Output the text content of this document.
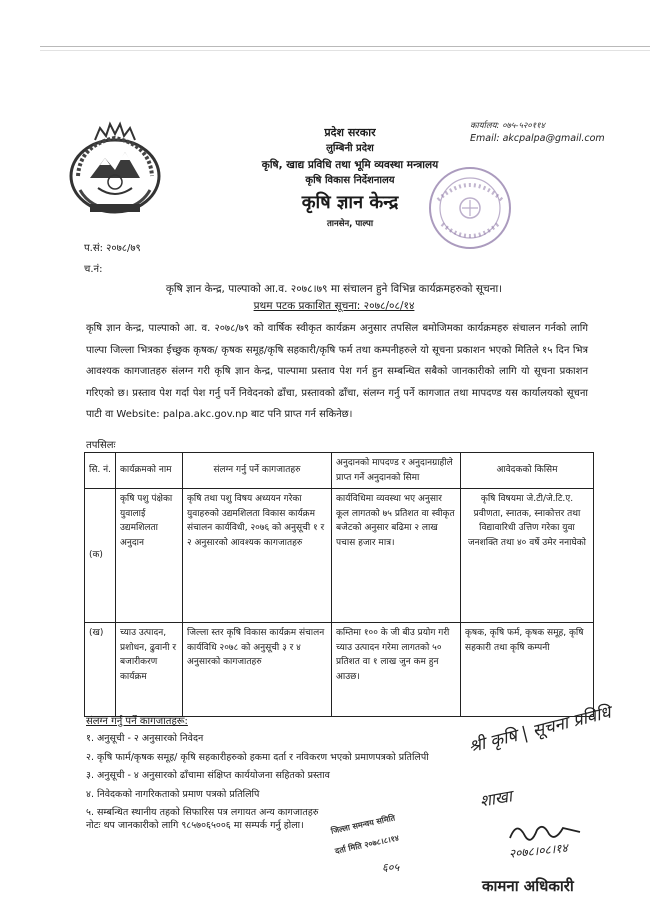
कार्यालय: ०७५-५२०११४
Email: akcpalpa@gmail.com
प्रदेश सरकार
लुम्बिनी प्रदेश
कृषि, खाद्य प्रविधि तथा भूमि व्यवस्था मन्त्रालय
कृषि विकास निर्देशनालय
कृषि ज्ञान केन्द्र
तानसेन, पाल्पा
प.सं: २०७८/७९
च.नं:
कृषि ज्ञान केन्द्र, पाल्पाको आ.व. २०७८।७९ मा संचालन हुने विभिन्न कार्यक्रमहरुको सूचना।
प्रथम पटक प्रकाशित सूचना: २०७८/०८/१४
कृषि ज्ञान केन्द्र, पाल्पाको आ. व. २०७८/७९ को वार्षिक स्वीकृत कार्यक्रम अनुसार तपसिल बमोजिमका कार्यक्रमहरु संचालन गर्नको लागि पाल्पा जिल्ला भित्रका ईच्छुक कृषक/ कृषक समूह/कृषि सहकारी/कृषि फर्म तथा कम्पनीहरुले यो सूचना प्रकाशन भएको मितिले १५ दिन भित्र आवश्यक कागजातहरु संलग्न गरी कृषि ज्ञान केन्द्र, पाल्पामा प्रस्ताव पेश गर्न हुन सम्बन्धित सबैको जानकारीको लागि यो सूचना प्रकाशन गरिएको छ। प्रस्ताव पेश गर्दा पेश गर्नु पर्ने निवेदनको ढाँचा, प्रस्तावको ढाँचा, संलग्न गर्नु पर्ने कागजात तथा मापदण्ड यस कार्यालयको सूचना पाटी वा Website: palpa.akc.gov.np बाट पनि प्राप्त गर्न सकिनेछ।
तपसिलः
सि. नं.	कार्यक्रमको नाम	संलग्न गर्नु पर्ने कागजातहरु	अनुदानको मापदण्ड र अनुदानग्राहीले प्राप्त गर्ने अनुदानको सिमा	आवेदकको किसिम
(क)	कृषि पशु पंक्षेका युवालाई उद्यमशिलता अनुदान	कृषि तथा पशु विषय अध्ययन गरेका युवाहरुको उद्यमशिलता विकास कार्यक्रम संचालन कार्यविधी, २०७६ को अनुसूची १ र २ अनुसारको आवश्यक कागजातहरु	कार्यविधिमा व्यवस्था भए अनुसार कूल लागतको ७५ प्रतिशत वा स्वीकृत बजेटको अनुसार बढिमा २ लाख पचास हजार मात्र।	कृषि विषयमा जे.टी/जे.टि.ए. प्रवीणता, स्नातक, स्नाकोत्तर तथा विद्यावारिधी उत्तिण गरेका युवा जनशक्ति तथा ४० वर्षे उमेर ननाघेको
(ख)	च्याउ उत्पादन, प्रशोधन, ढुवानी र बजारीकरण कार्यक्रम	जिल्ला स्तर कृषि विकास कार्यक्रम संचालन कार्यविधि २०७८ को अनुसूची ३ र ४ अनुसारको कागजातहरु	कम्तिमा १०० के जी बीउ प्रयोग गरी च्याउ उत्पादन गरेमा लागतको ५० प्रतिशत वा १ लाख जुन कम हुन आउछ।	कृषक, कृषि फर्म, कृषक समूह, कृषि सहकारी तथा कृषि कम्पनी
संलग्न गर्नु पर्ने कागजातहरू:
१. अनुसूची - २ अनुसारको निवेदन
२. कृषि फार्म/कृषक समूह/ कृषि सहकारीहरुको हकमा दर्ता र नविकरण भएको प्रमाणपत्रको प्रतिलिपी
३. अनुसूची - ४ अनुसारको ढाँचामा संक्षिप्त कार्ययोजना सहितको प्रस्ताव
४. निवेदकको नागरिकताको प्रमाण पत्रको प्रतिलिपि
५. सम्बन्धित स्थानीय तहको सिफारिस पत्र लगायत अन्य कागजातहरु
नोटः थप जानकारीको लागि ९८५७०६५००६ मा सम्पर्क गर्नु होला।
श्री कृषि | सूचना प्रविधि
शाखा
२०७८।०८।१४
कामना अधिकारी
जिल्ला समन्वय समिति
दर्ता मिति २०७८।८।१४
६०५
